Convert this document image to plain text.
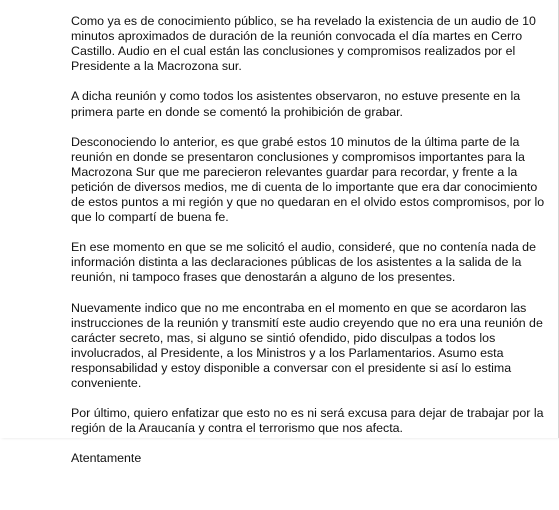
Como ya es de conocimiento público, se ha revelado la existencia de un audio de 10 minutos aproximados de duración de la reunión convocada el día martes en Cerro Castillo. Audio en el cual están las conclusiones y compromisos realizados por el Presidente a la Macrozona sur.

A dicha reunión y como todos los asistentes observaron, no estuve presente en la primera parte en donde se comentó la prohibición de grabar.

Desconociendo lo anterior, es que grabé estos 10 minutos de la última parte de la reunión en donde se presentaron conclusiones y compromisos importantes para la Macrozona Sur que me parecieron relevantes guardar para recordar, y frente a la petición de diversos medios, me di cuenta de lo importante que era dar conocimiento de estos puntos a mi región y que no quedaran en el olvido estos compromisos, por lo que lo compartí de buena fe.

En ese momento en que se me solicitó el audio, consideré, que no contenía nada de información distinta a las declaraciones públicas de los asistentes a la salida de la reunión, ni tampoco frases que denostarán a alguno de los presentes.

Nuevamente indico que no me encontraba en el momento en que se acordaron las instrucciones de la reunión y transmití este audio creyendo que no era una reunión de carácter secreto, mas, si alguno se sintió ofendido, pido disculpas a todos los involucrados, al Presidente, a los Ministros y a los Parlamentarios. Asumo esta responsabilidad y estoy disponible a conversar con el presidente si así lo estima conveniente.

Por último, quiero enfatizar que esto no es ni será excusa para dejar de trabajar por la región de la Araucanía y contra el terrorismo que nos afecta.

Atentamente
